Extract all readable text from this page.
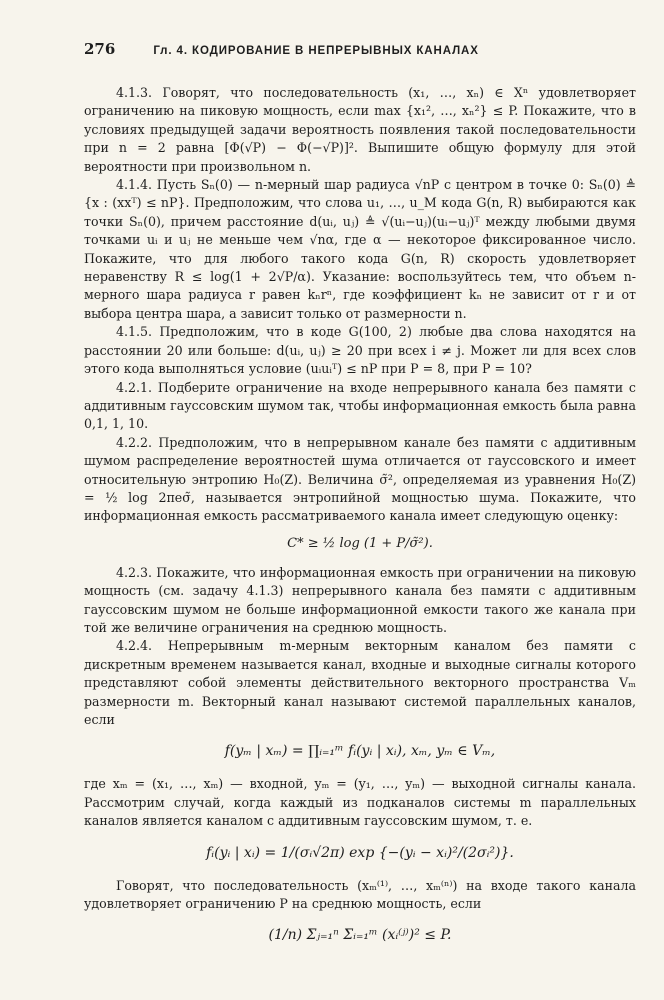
276	Гл. 4. КОДИРОВАНИЕ В НЕПРЕРЫВНЫХ КАНАЛАХ

4.1.3. Говорят, что последовательность (x₁, …, xₙ) ∈ Xⁿ удовлетворяет ограничению на пиковую мощность, если max {x₁², …, xₙ²} ≤ P. Покажите, что в условиях предыдущей задачи вероятность появления такой последовательности при n = 2 равна [Φ(√P) − Φ(−√P)]². Выпишите общую формулу для этой вероятности при произвольном n.

4.1.4. Пусть Sₙ(0) — n-мерный шар радиуса √nP с центром в точке 0: Sₙ(0) ≜ {x : (xxᵀ) ≤ nP}. Предположим, что слова u₁, …, u_M кода G(n, R) выбираются как точки Sₙ(0), причем расстояние d(uᵢ, uⱼ) ≜ √(uᵢ−uⱼ)(uᵢ−uⱼ)ᵀ между любыми двумя точками uᵢ и uⱼ не меньше чем √nα, где α — некоторое фиксированное число. Покажите, что для любого такого кода G(n, R) скорость удовлетворяет неравенству R ≤ log(1 + 2√P/α). Указание: воспользуйтесь тем, что объем n-мерного шара радиуса r равен kₙrⁿ, где коэффициент kₙ не зависит от r и от выбора центра шара, а зависит только от размерности n.

4.1.5. Предположим, что в коде G(100, 2) любые два слова находятся на расстоянии 20 или больше: d(uᵢ, uⱼ) ≥ 20 при всех i ≠ j. Может ли для всех слов этого кода выполняться условие (uᵢuᵢᵀ) ≤ nP при P = 8, при P = 10?

4.2.1. Подберите ограничение на входе непрерывного канала без памяти с аддитивным гауссовским шумом так, чтобы информационная емкость была равна 0,1, 1, 10.

4.2.2. Предположим, что в непрерывном канале без памяти с аддитивным шумом распределение вероятностей шума отличается от гауссовского и имеет относительную энтропию H₀(Z). Величина σ̃², определяемая из уравнения H₀(Z) = ½ log 2πeσ̃, называется энтропийной мощностью шума. Покажите, что информационная емкость рассматриваемого канала имеет следующую оценку:

C* ≥ ½ log (1 + P/σ̃²).

4.2.3. Покажите, что информационная емкость при ограничении на пиковую мощность (см. задачу 4.1.3) непрерывного канала без памяти с аддитивным гауссовским шумом не больше информационной емкости такого же канала при той же величине ограничения на среднюю мощность.

4.2.4. Непрерывным m-мерным векторным каналом без памяти с дискретным временем называется канал, входные и выходные сигналы которого представляют собой элементы действительного векторного пространства Vₘ размерности m. Векторный канал называют системой параллельных каналов, если

f(yₘ | xₘ) = ∏ᵢ₌₁ᵐ fᵢ(yᵢ | xᵢ), xₘ, yₘ ∈ Vₘ,

где xₘ = (x₁, …, xₘ) — входной, yₘ = (y₁, …, yₘ) — выходной сигналы канала. Рассмотрим случай, когда каждый из подканалов системы m параллельных каналов является каналом с аддитивным гауссовским шумом, т. е.

fᵢ(yᵢ | xᵢ) = 1/(σᵢ√2π) exp {−(yᵢ − xᵢ)²/(2σᵢ²)}.

Говорят, что последовательность (xₘ⁽¹⁾, …, xₘ⁽ⁿ⁾) на входе такого канала удовлетворяет ограничению P на среднюю мощность, если

(1/n) Σⱼ₌₁ⁿ Σᵢ₌₁ᵐ (xᵢ⁽ʲ⁾)² ≤ P.
